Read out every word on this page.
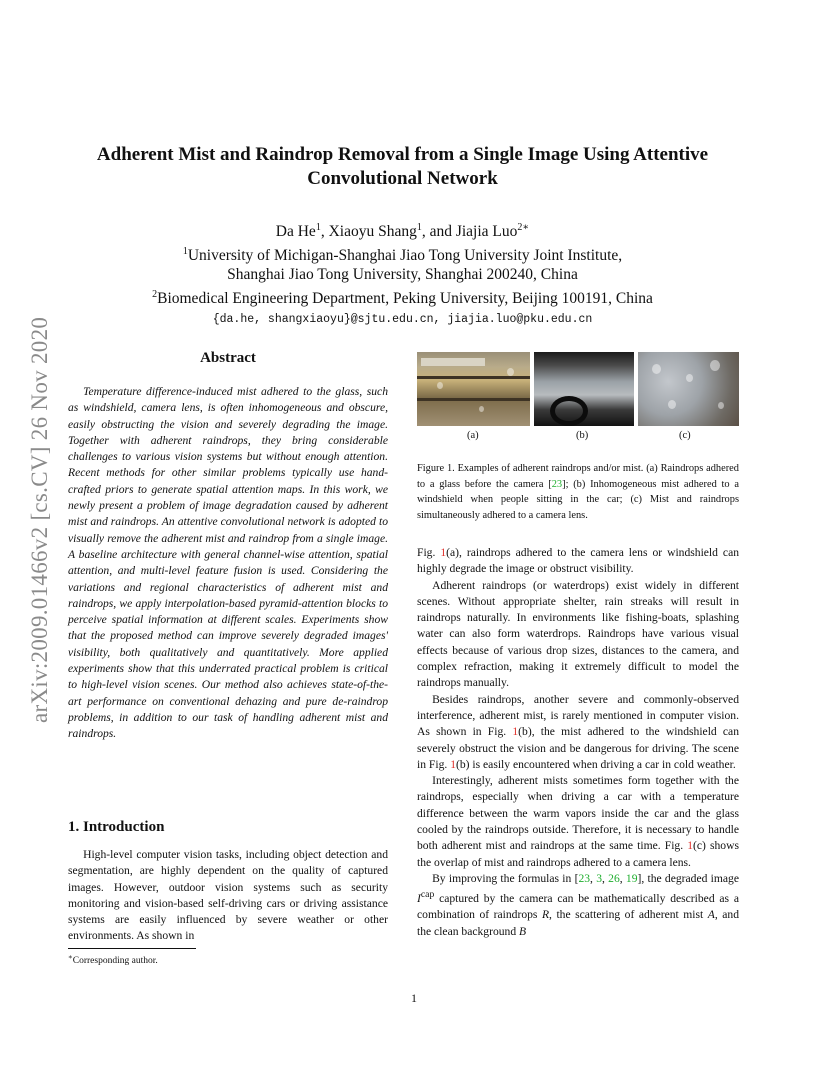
arXiv:2009.01466v2 [cs.CV] 26 Nov 2020
Adherent Mist and Raindrop Removal from a Single Image Using Attentive
Convolutional Network
Da He$^1$, Xiaoyu Shang$^1$, and Jiajia Luo$^{2∗}$
$^1$University of Michigan-Shanghai Jiao Tong University Joint Institute,
Shanghai Jiao Tong University, Shanghai 200240, China
$^2$Biomedical Engineering Department, Peking University, Beijing 100191, China
{da.he, shangxiaoyu}@sjtu.edu.cn, jiajia.luo@pku.edu.cn
Abstract

Temperature difference-induced mist adhered to the glass, such as windshield, camera lens, is often inhomogeneous and obscure, easily obstructing the vision and severely degrading the image. Together with adherent raindrops, they bring considerable challenges to various vision systems but without enough attention. Recent methods for other similar problems typically use hand-crafted priors to generate spatial attention maps. In this work, we newly present a problem of image degradation caused by adherent mist and raindrops. An attentive convolutional network is adopted to visually remove the adherent mist and raindrop from a single image. A baseline architecture with general channel-wise attention, spatial attention, and multi-level feature fusion is used. Considering the variations and regional characteristics of adherent mist and raindrops, we apply interpolation-based pyramid-attention blocks to perceive spatial information at different scales. Experiments show that the proposed method can improve severely degraded images' visibility, both qualitatively and quantitatively. More applied experiments show that this underrated practical problem is critical to high-level vision scenes. Our method also achieves state-of-the-art performance on conventional dehazing and pure de-raindrop problems, in addition to our task of handling adherent mist and raindrops.

1. Introduction

High-level computer vision tasks, including object detection and segmentation, are highly dependent on the quality of captured images. However, outdoor vision systems such as security monitoring and vision-based self-driving cars or driving assistance systems are easily influenced by severe weather or other environments. As shown in

∗Corresponding author.
(a)	(b)	(c)

Figure 1. Examples of adherent raindrops and/or mist. (a) Raindrops adhered to a glass before the camera [23]; (b) Inhomogeneous mist adhered to a windshield when people sitting in the car; (c) Mist and raindrops simultaneously adhered to a camera lens.

Fig. 1(a), raindrops adhered to the camera lens or windshield can highly degrade the image or obstruct visibility.

Adherent raindrops (or waterdrops) exist widely in different scenes. Without appropriate shelter, rain streaks will result in raindrops naturally. In environments like fishing-boats, splashing water can also form waterdrops. Raindrops have various visual effects because of various drop sizes, distances to the camera, and complex refraction, making it extremely difficult to model the raindrops manually.

Besides raindrops, another severe and commonly-observed interference, adherent mist, is rarely mentioned in computer vision. As shown in Fig. 1(b), the mist adhered to the windshield can severely obstruct the vision and be dangerous for driving. The scene in Fig. 1(b) is easily encountered when driving a car in cold weather.

Interestingly, adherent mists sometimes form together with the raindrops, especially when driving a car with a temperature difference between the warm vapors inside the car and the glass cooled by the raindrops outside. Therefore, it is necessary to handle both adherent mist and raindrops at the same time. Fig. 1(c) shows the overlap of mist and raindrops adhered to a camera lens.

By improving the formulas in [23, 3, 26, 19], the degraded image $I^{cap}$ captured by the camera can be mathematically described as a combination of raindrops R, the scattering of adherent mist A, and the clean background B

1
